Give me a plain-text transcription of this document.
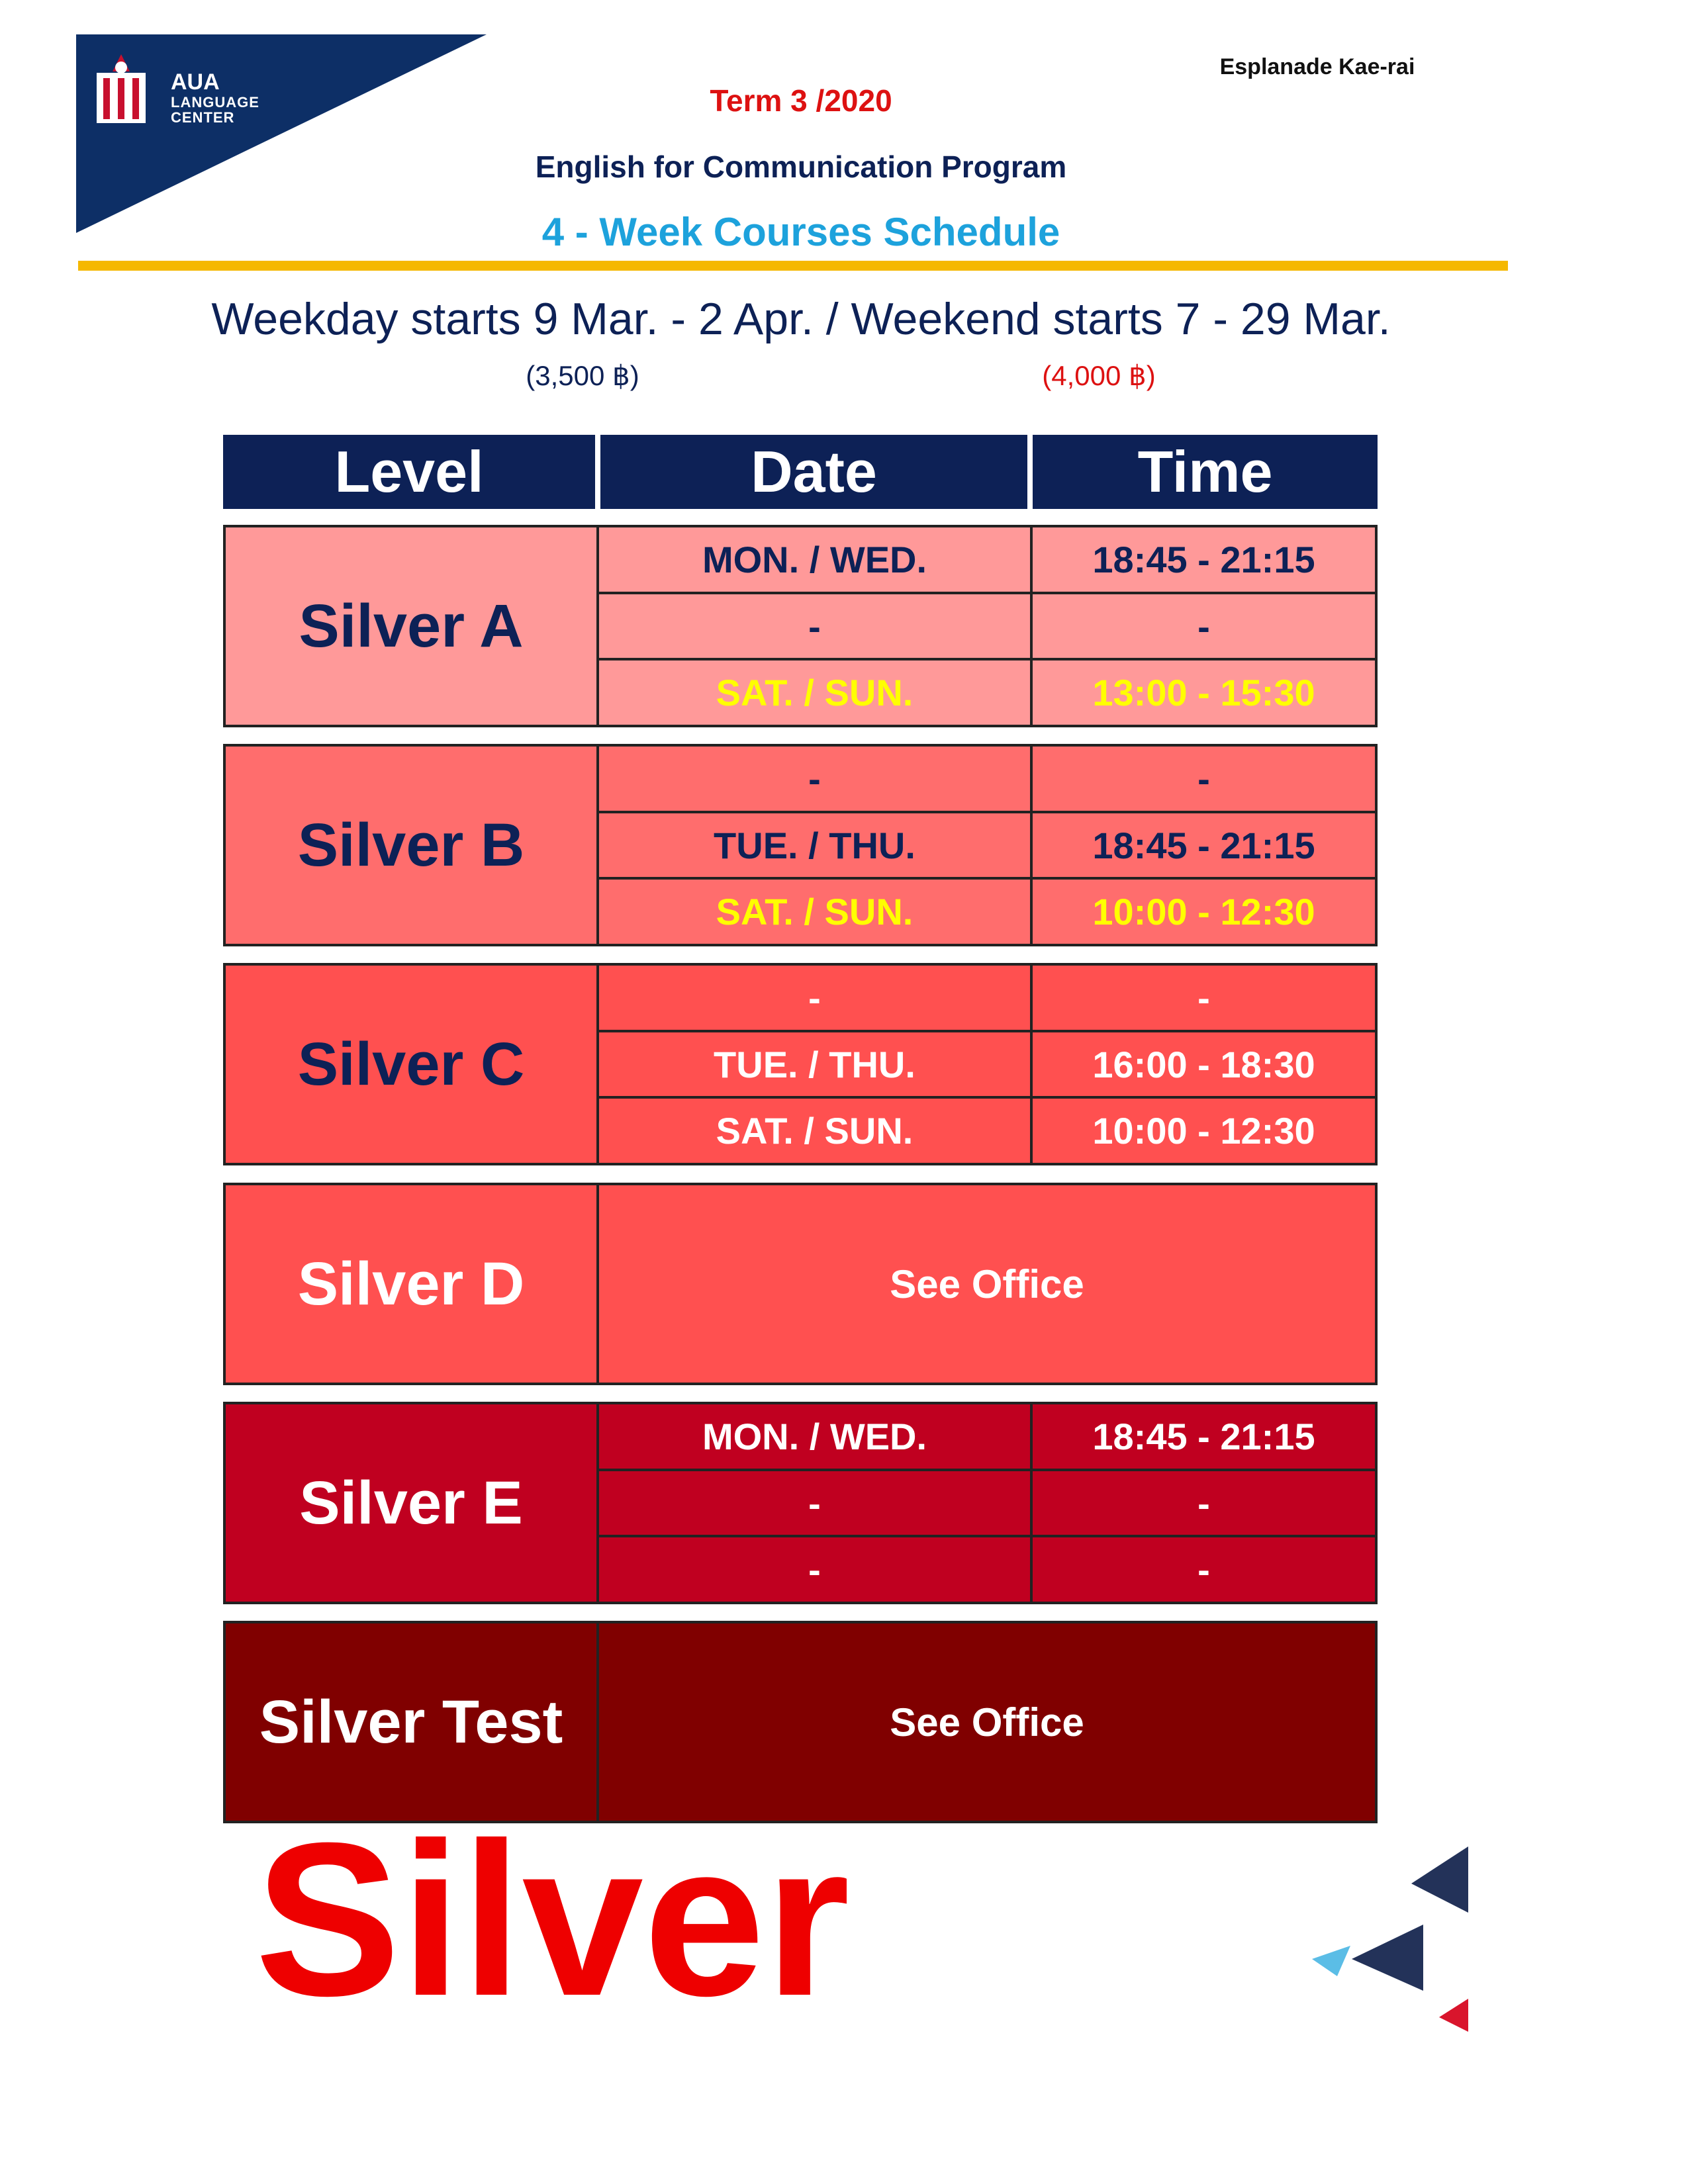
AUA
LANGUAGE
CENTER
Esplanade Kae-rai
Term 3 /2020
English for Communication Program
4 - Week Courses Schedule
Weekday starts 9 Mar. - 2 Apr. / Weekend starts 7 - 29 Mar.
(3,500 ฿)	(4,000 ฿)
Level	Date	Time
Silver A
MON. / WED.	18:45 - 21:15
-	-
SAT. / SUN.	13:00 - 15:30
Silver B
-	-
TUE. / THU.	18:45 - 21:15
SAT. / SUN.	10:00 - 12:30
Silver C
-	-
TUE. / THU.	16:00 - 18:30
SAT. / SUN.	10:00 - 12:30
Silver D	See Office
Silver E
MON. / WED.	18:45 - 21:15
-	-
-	-
Silver Test	See Office
Silver
